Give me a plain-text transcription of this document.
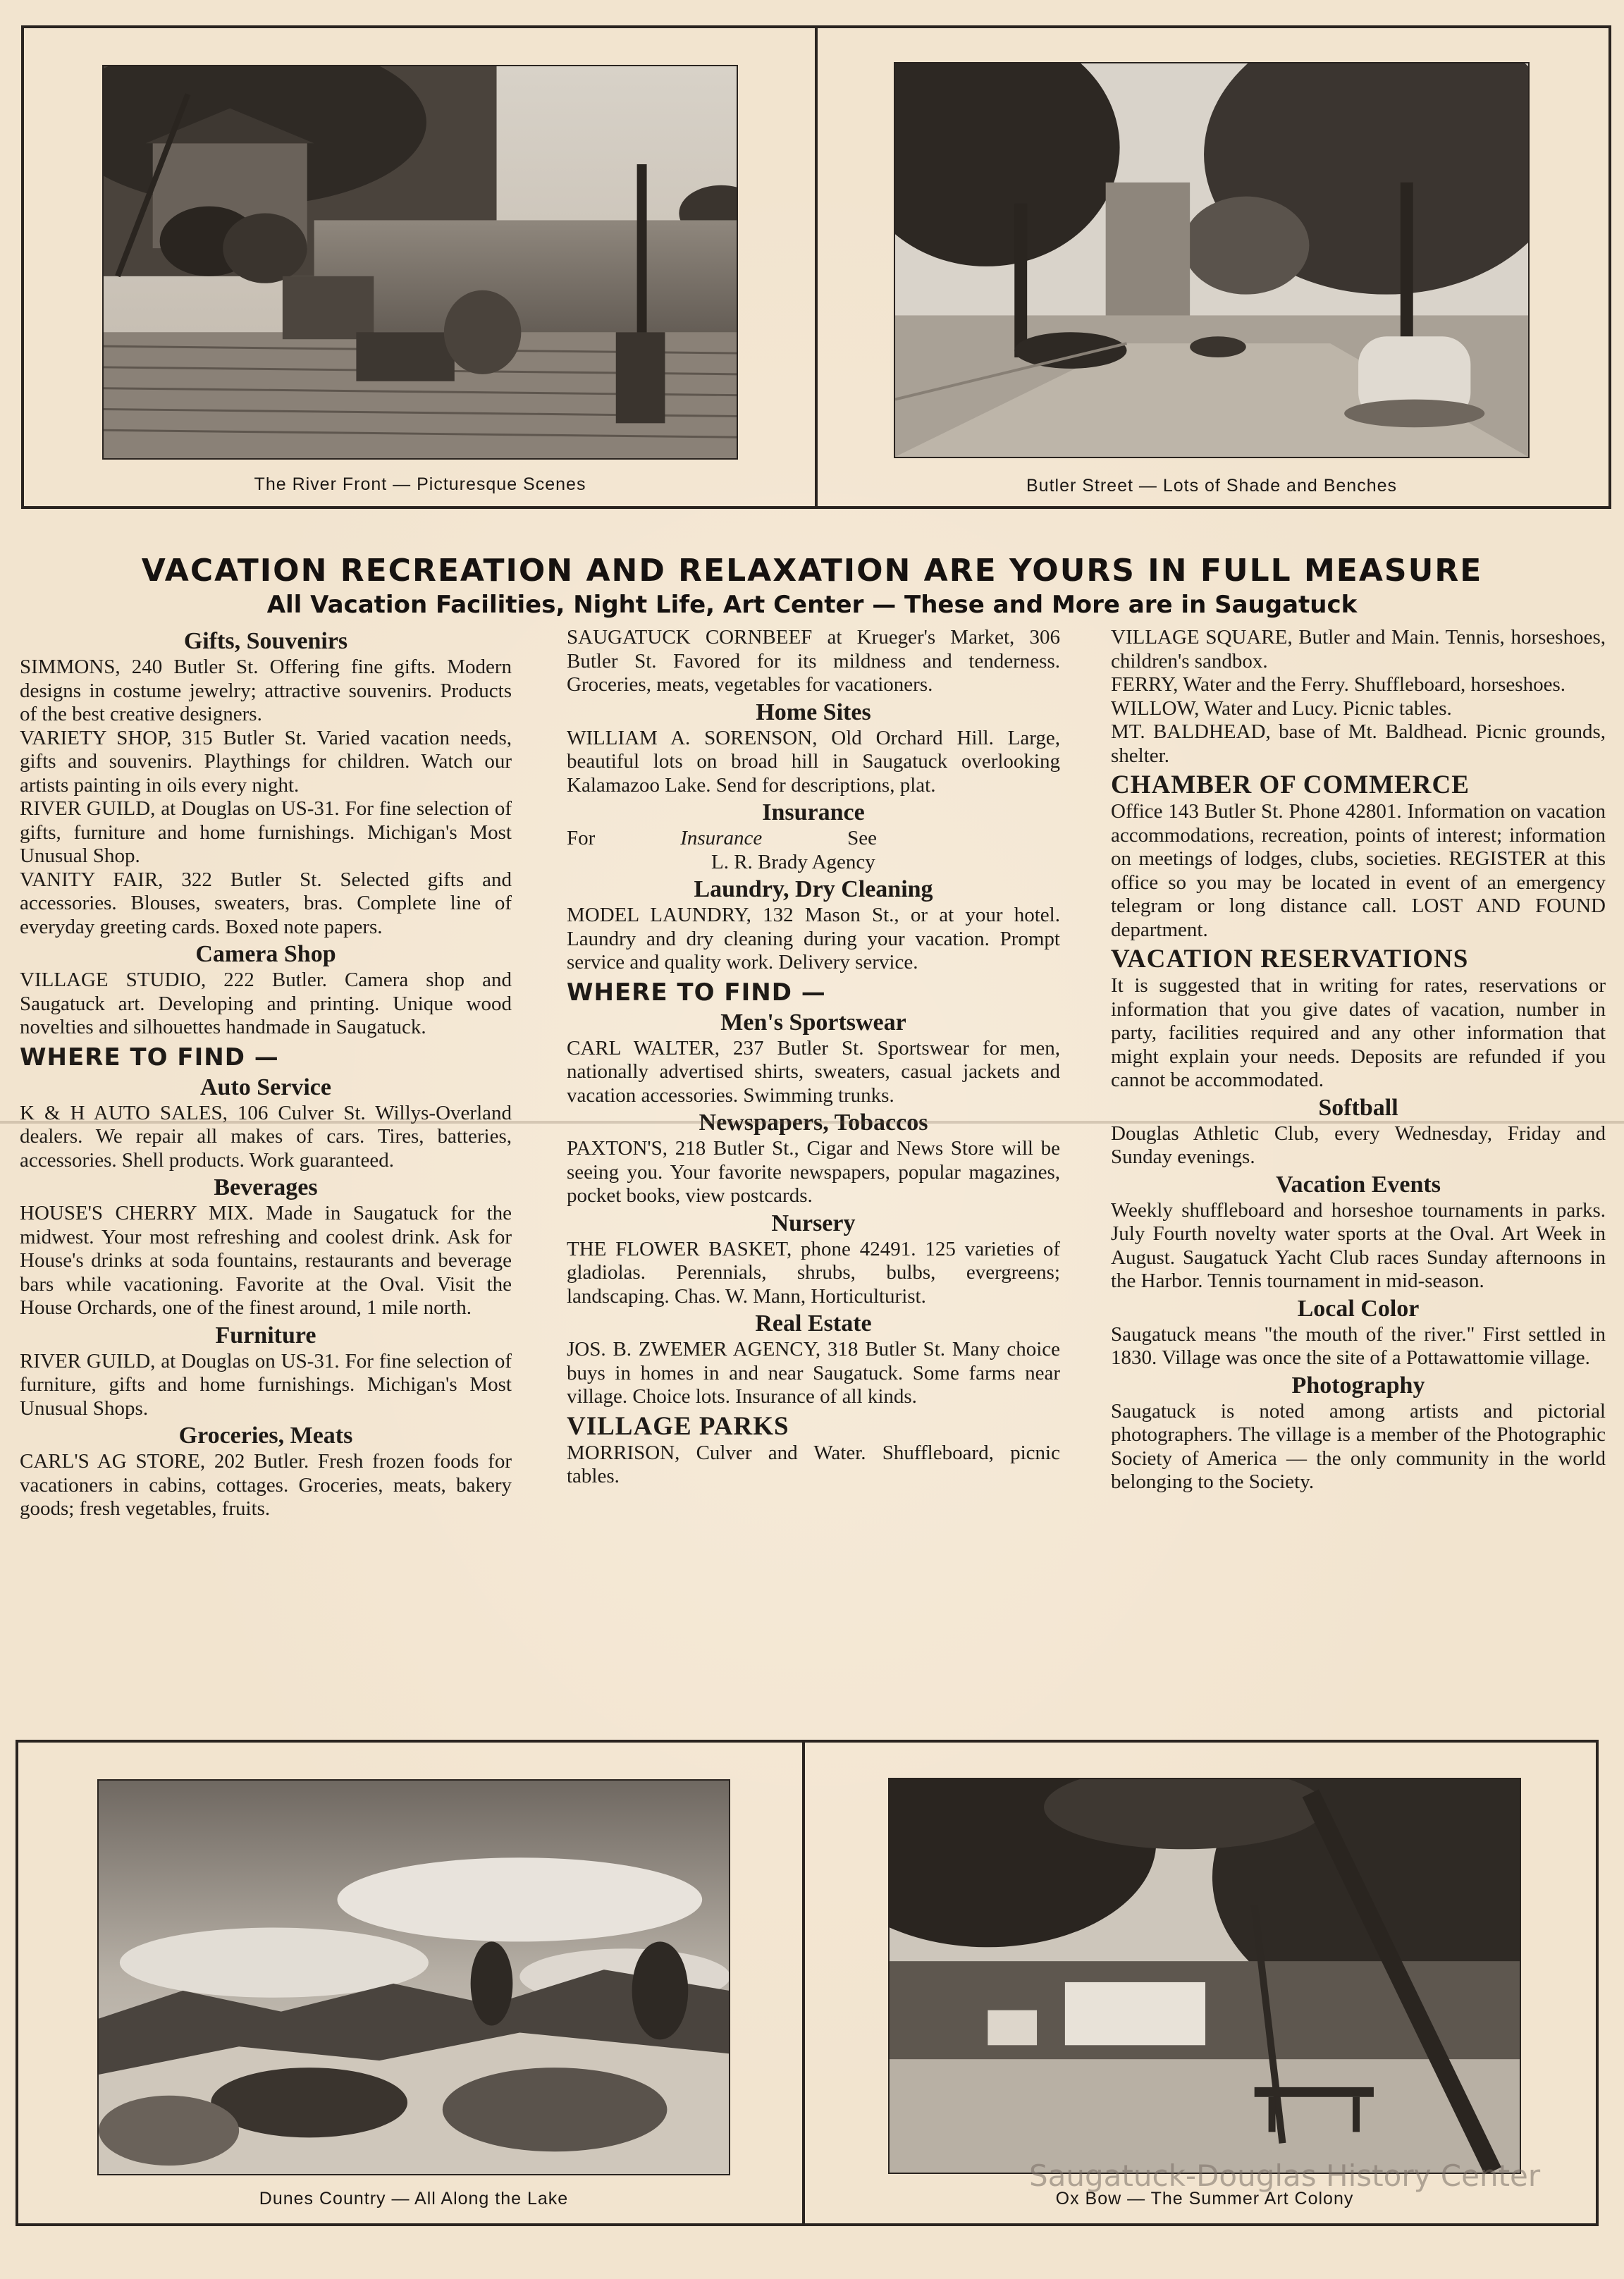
The River Front — Picturesque Scenes	Butler Street — Lots of Shade and Benches
VACATION RECREATION AND RELAXATION ARE YOURS IN FULL MEASURE
All Vacation Facilities, Night Life, Art Center — These and More are in Saugatuck
Gifts, Souvenirs

SIMMONS, 240 Butler St. Offering fine gifts. Modern designs in costume jewelry; attractive souvenirs. Products of the best creative designers.

VARIETY SHOP, 315 Butler St. Varied vacation needs, gifts and souvenirs. Playthings for children. Watch our artists painting in oils every night.

RIVER GUILD, at Douglas on US-31. For fine selection of gifts, furniture and home furnishings. Michigan's Most Unusual Shop.

VANITY FAIR, 322 Butler St. Selected gifts and accessories. Blouses, sweaters, bras. Complete line of everyday greeting cards. Boxed note papers.

Camera Shop

VILLAGE STUDIO, 222 Butler. Camera shop and Saugatuck art. Developing and printing. Unique wood novelties and silhouettes handmade in Saugatuck.

WHERE TO FIND —
Auto Service

K & H AUTO SALES, 106 Culver St. Willys-Overland dealers. We repair all makes of cars. Tires, batteries, accessories. Shell products. Work guaranteed.

Beverages

HOUSE'S CHERRY MIX. Made in Saugatuck for the midwest. Your most refreshing and coolest drink. Ask for House's drinks at soda fountains, restaurants and beverage bars while vacationing. Favorite at the Oval. Visit the House Orchards, one of the finest around, 1 mile north.

Furniture

RIVER GUILD, at Douglas on US-31. For fine selection of furniture, gifts and home furnishings. Michigan's Most Unusual Shops.

Groceries, Meats

CARL'S AG STORE, 202 Butler. Fresh frozen foods for vacationers in cabins, cottages. Groceries, meats, bakery goods; fresh vegetables, fruits.

SAUGATUCK CORNBEEF at Krueger's Market, 306 Butler St. Favored for its mildness and tenderness. Groceries, meats, vegetables for vacationers.

Home Sites

WILLIAM A. SORENSON, Old Orchard Hill. Large, beautiful lots on broad hill in Saugatuck overlooking Kalamazoo Lake. Send for descriptions, plat.

Insurance
For	Insurance	See
L. R. Brady Agency
Laundry, Dry Cleaning

MODEL LAUNDRY, 132 Mason St., or at your hotel. Laundry and dry cleaning during your vacation. Prompt service and quality work. Delivery service.

WHERE TO FIND —
Men's Sportswear

CARL WALTER, 237 Butler St. Sportswear for men, nationally advertised shirts, sweaters, casual jackets and vacation accessories. Swimming trunks.

Newspapers, Tobaccos

PAXTON'S, 218 Butler St., Cigar and News Store will be seeing you. Your favorite newspapers, popular magazines, pocket books, view postcards.

Nursery

THE FLOWER BASKET, phone 42491. 125 varieties of gladiolas. Perennials, shrubs, bulbs, evergreens; landscaping. Chas. W. Mann, Horticulturist.

Real Estate

JOS. B. ZWEMER AGENCY, 318 Butler St. Many choice buys in homes in and near Saugatuck. Some farms near village. Choice lots. Insurance of all kinds.

VILLAGE PARKS

MORRISON, Culver and Water. Shuffleboard, picnic tables.

VILLAGE SQUARE, Butler and Main. Tennis, horseshoes, children's sandbox.

FERRY, Water and the Ferry. Shuffleboard, horseshoes.

WILLOW, Water and Lucy. Picnic tables.

MT. BALDHEAD, base of Mt. Baldhead. Picnic grounds, shelter.

CHAMBER OF COMMERCE

Office 143 Butler St. Phone 42801. Information on vacation accommodations, recreation, points of interest; information on meetings of lodges, clubs, societies. REGISTER at this office so you may be located in event of an emergency telegram or long distance call. LOST AND FOUND department.

VACATION RESERVATIONS

It is suggested that in writing for rates, reservations or information that you give dates of vacation, number in party, facilities required and any other information that might explain your needs. Deposits are refunded if you cannot be accommodated.

Softball

Douglas Athletic Club, every Wednesday, Friday and Sunday evenings.

Vacation Events

Weekly shuffleboard and horseshoe tournaments in parks. July Fourth novelty water sports at the Oval. Art Week in August. Saugatuck Yacht Club races Sunday afternoons in the Harbor. Tennis tournament in mid-season.

Local Color

Saugatuck means "the mouth of the river." First settled in 1830. Village was once the site of a Pottawattomie village.

Photography

Saugatuck is noted among artists and pictorial photographers. The village is a member of the Photographic Society of America — the only community in the world belonging to the Society.

Dunes Country — All Along the Lake	Ox Bow — The Summer Art Colony
Saugatuck-Douglas History Center
